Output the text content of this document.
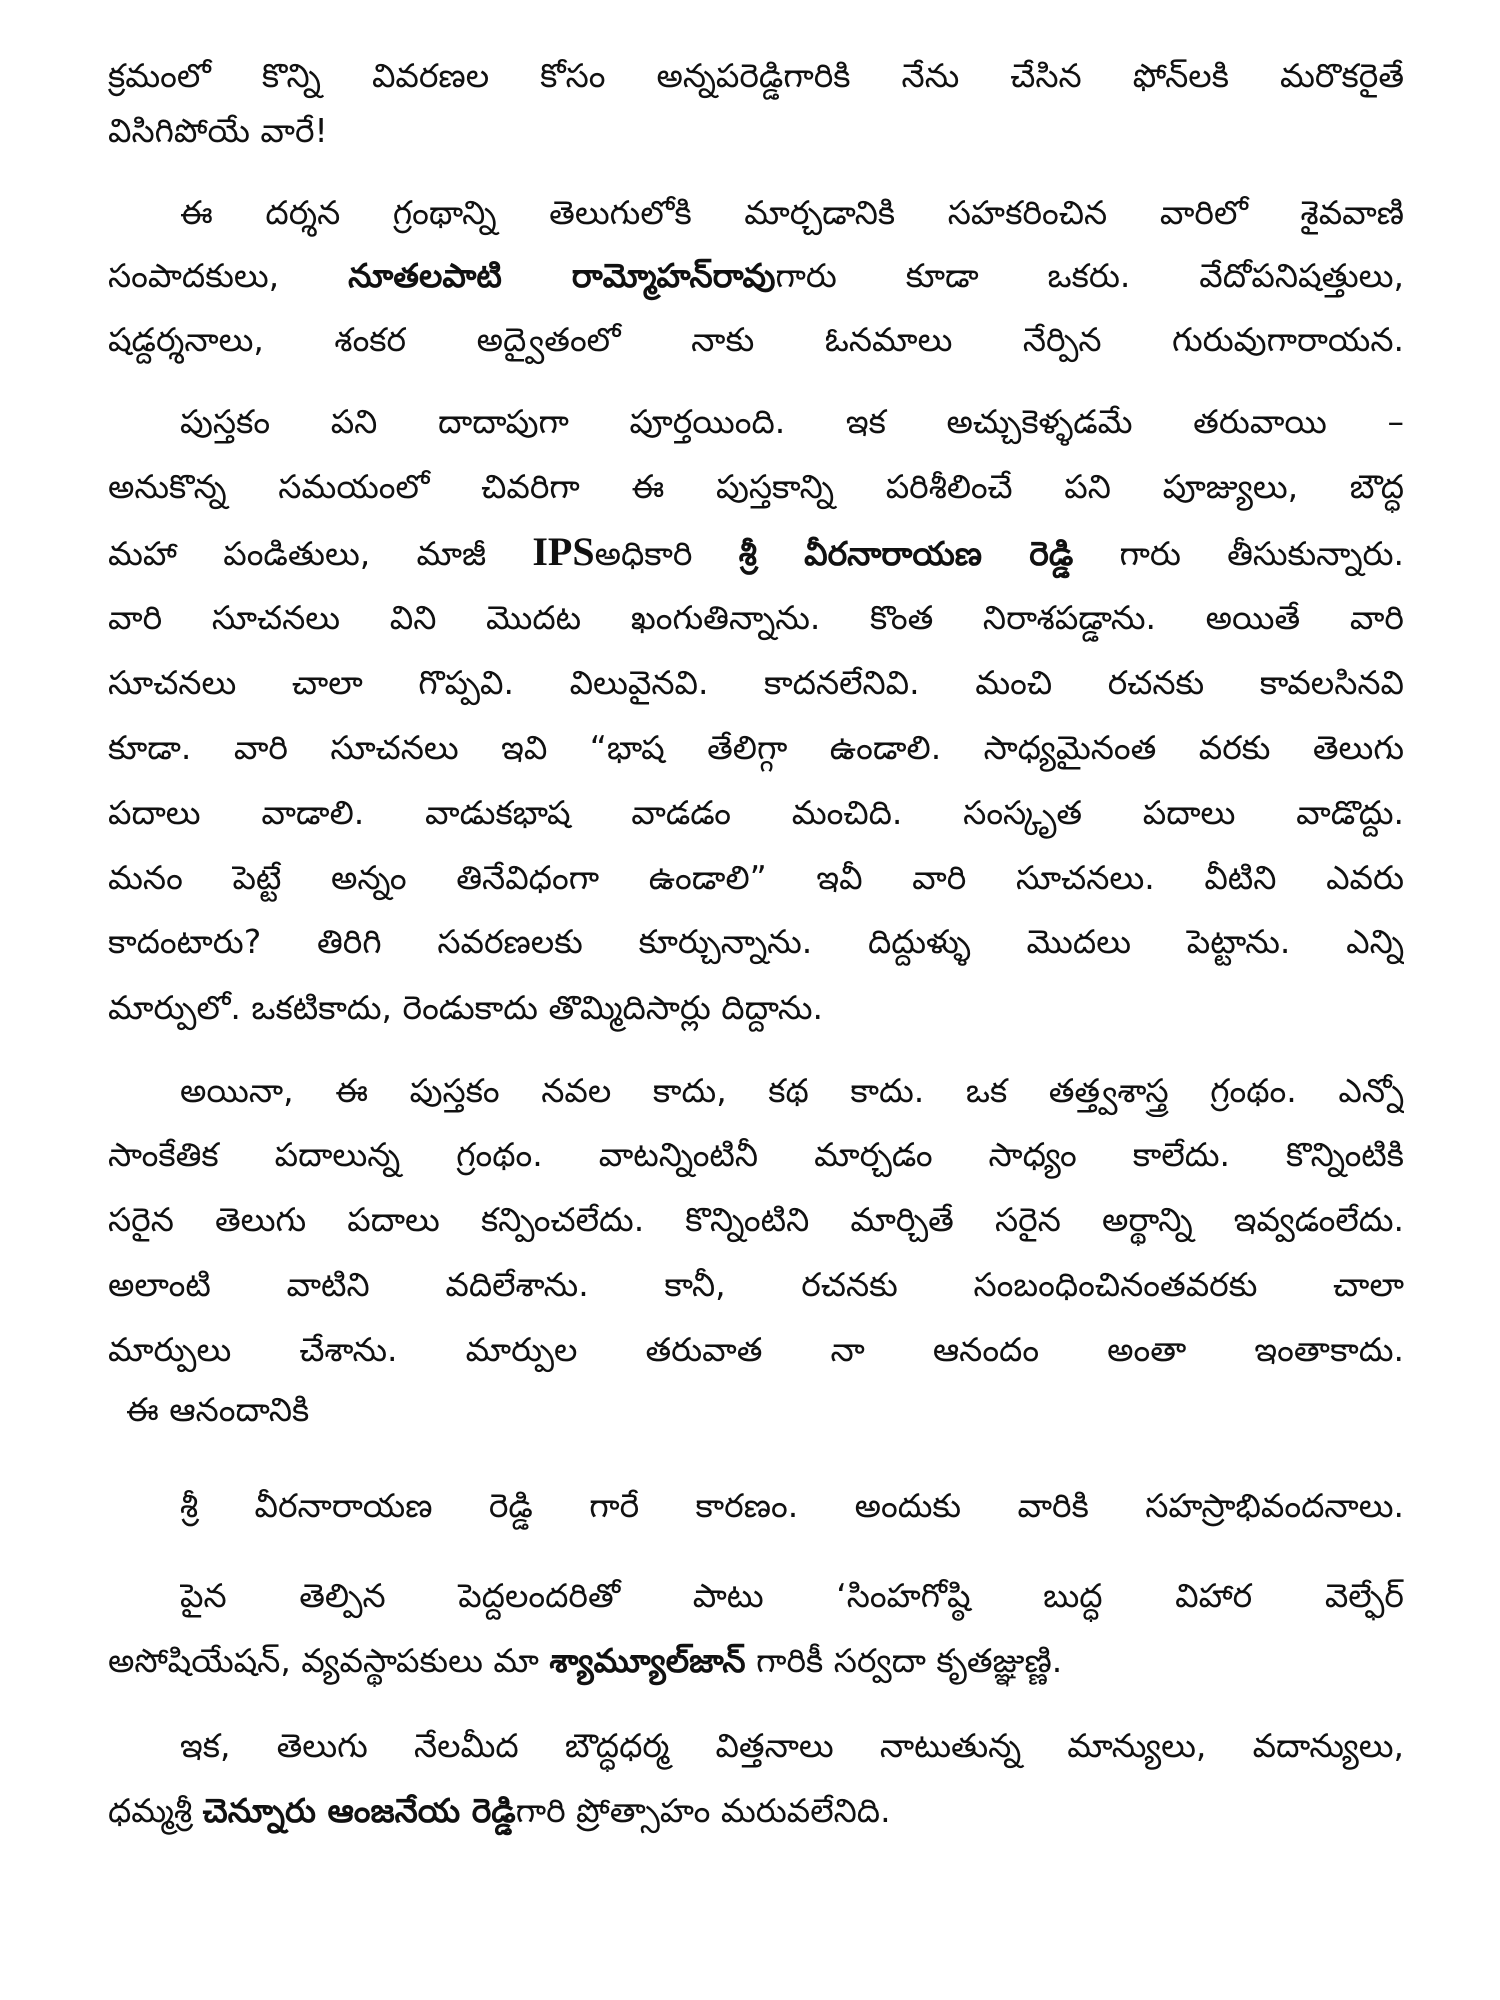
క్రమంలో కొన్ని వివరణల కోసం అన్నపరెడ్డిగారికి నేను చేసిన ఫోన్‌లకి మరొకరైతే
విసిగిపోయే వారే!
ఈ దర్శన గ్రంథాన్ని తెలుగులోకి మార్చడానికి సహకరించిన వారిలో శైవవాణి
సంపాదకులు, నూతలపాటి రామ్మోహన్‌రావుగారు కూడా ఒకరు. వేదోపనిషత్తులు,
షడ్దర్శనాలు, శంకర అద్వైతంలో నాకు ఓనమాలు నేర్పిన గురువుగారాయన.
పుస్తకం పని దాదాపుగా పూర్తయింది. ఇక అచ్చుకెళ్ళడమే తరువాయి –
అనుకొన్న సమయంలో చివరిగా ఈ పుస్తకాన్ని పరిశీలించే పని పూజ్యులు, బౌద్ధ
మహా పండితులు, మాజీ IPSఅధికారి శ్రీ వీరనారాయణ రెడ్డి గారు తీసుకున్నారు.
వారి సూచనలు విని మొదట ఖంగుతిన్నాను. కొంత నిరాశపడ్డాను. అయితే వారి
సూచనలు చాలా గొప్పవి. విలువైనవి. కాదనలేనివి. మంచి రచనకు కావలసినవి
కూడా. వారి సూచనలు ఇవి “భాష తేలిగ్గా ఉండాలి. సాధ్యమైనంత వరకు తెలుగు
పదాలు వాడాలి. వాడుకభాష వాడడం మంచిది. సంస్కృత పదాలు వాడొద్దు.
మనం పెట్టే అన్నం తినేవిధంగా ఉండాలి” ఇవీ వారి సూచనలు. వీటిని ఎవరు
కాదంటారు? తిరిగి సవరణలకు కూర్చున్నాను. దిద్దుళ్ళు మొదలు పెట్టాను. ఎన్ని
మార్పులో. ఒకటికాదు, రెండుకాదు తొమ్మిదిసార్లు దిద్దాను.
అయినా, ఈ పుస్తకం నవల కాదు, కథ కాదు. ఒక తత్త్వశాస్త్ర గ్రంథం. ఎన్నో
సాంకేతిక పదాలున్న గ్రంథం. వాటన్నింటినీ మార్చడం సాధ్యం కాలేదు. కొన్నింటికి
సరైన తెలుగు పదాలు కన్పించలేదు. కొన్నింటిని మార్చితే సరైన అర్థాన్ని ఇవ్వడంలేదు.
అలాంటి వాటిని వదిలేశాను. కానీ, రచనకు సంబంధించినంతవరకు చాలా
మార్పులు చేశాను. మార్పుల తరువాత నా ఆనందం అంతా ఇంతాకాదు.
ఈ ఆనందానికి
శ్రీ వీరనారాయణ రెడ్డి గారే కారణం. అందుకు వారికి సహస్రాభివందనాలు.
పైన తెల్పిన పెద్దలందరితో పాటు ‘సింహగోష్ఠి బుద్ధ విహార వెల్ఫేర్
అసోషియేషన్, వ్యవస్థాపకులు మా శ్యామ్యూల్‌జాన్ గారికీ సర్వదా కృతజ్ఞుణ్ణి.
ఇక, తెలుగు నేలమీద బౌద్ధధర్మ విత్తనాలు నాటుతున్న మాన్యులు, వదాన్యులు,
ధమ్మశ్రీ చెన్నూరు ఆంజనేయ రెడ్డిగారి ప్రోత్సాహం మరువలేనిది.
